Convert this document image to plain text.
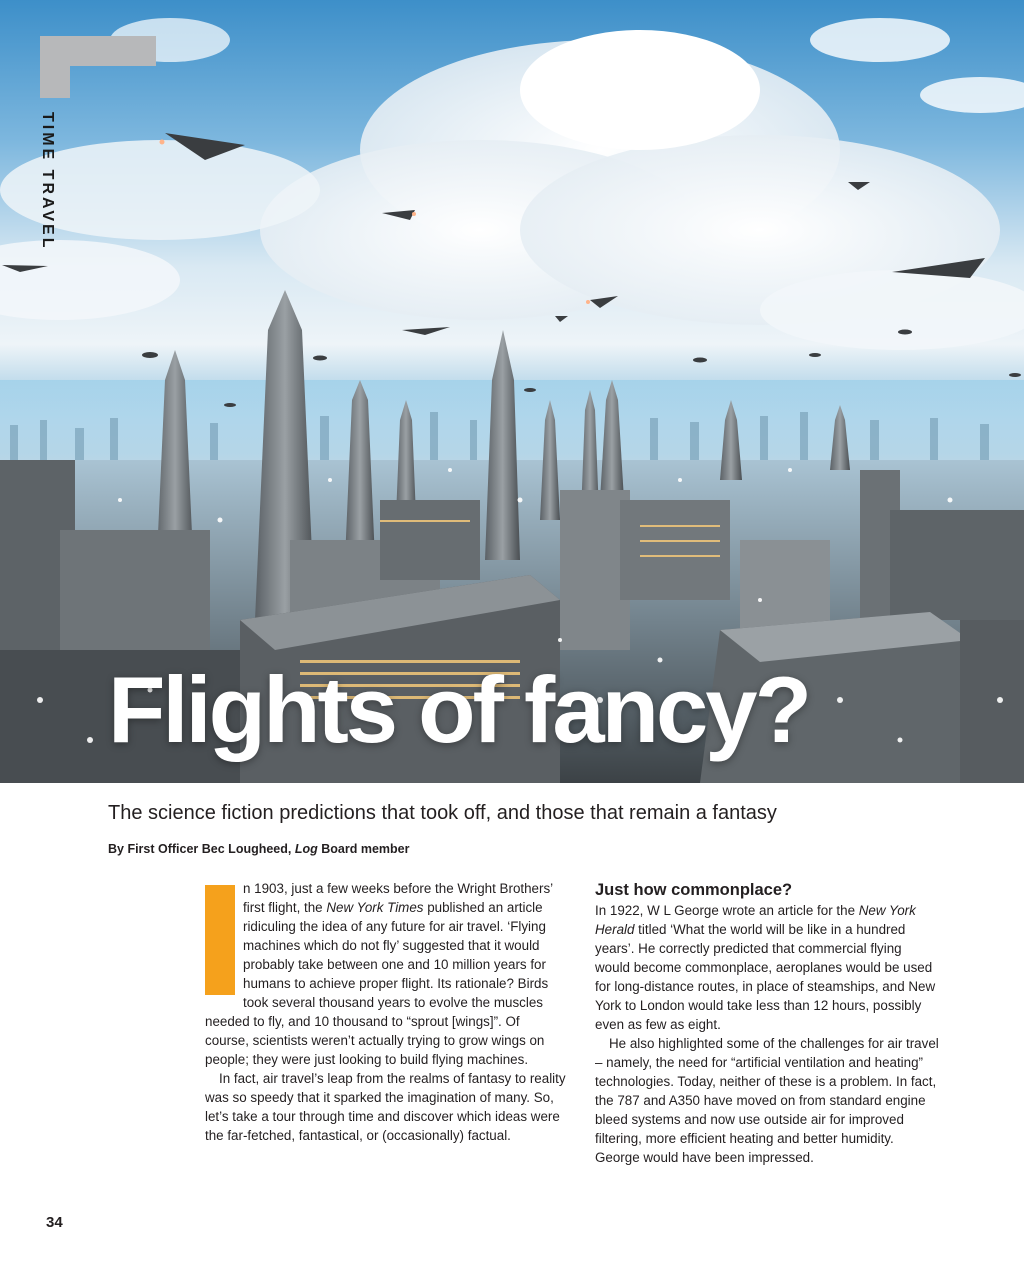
TIME TRAVEL
Flights of fancy?

The science fiction predictions that took off, and those that remain a fantasy

By First Officer Bec Lougheed, Log Board member

n 1903, just a few weeks before the Wright Brothers’ first flight, the New York Times published an article ridiculing the idea of any future for air travel. ‘Flying machines which do not fly’ suggested that it would probably take between one and 10 million years for humans to achieve proper flight. Its rationale? Birds took several thousand years to evolve the muscles needed to fly, and 10 thousand to “sprout [wings]”. Of course, scientists weren’t actually trying to grow wings on people; they were just looking to build flying machines.

In fact, air travel’s leap from the realms of fantasy to reality was so speedy that it sparked the imagination of many. So, let’s take a tour through time and discover which ideas were the far-fetched, fantastical, or (occasionally) factual.

Just how commonplace?

In 1922, W L George wrote an article for the New York Herald titled ‘What the world will be like in a hundred years’. He correctly predicted that commercial flying would become commonplace, aeroplanes would be used for long-distance routes, in place of steamships, and New York to London would take less than 12 hours, possibly even as few as eight.

He also highlighted some of the challenges for air travel – namely, the need for “artificial ventilation and heating” technologies. Today, neither of these is a problem. In fact, the 787 and A350 have moved on from standard engine bleed systems and now use outside air for improved filtering, more efficient heating and better humidity. George would have been impressed.

34
